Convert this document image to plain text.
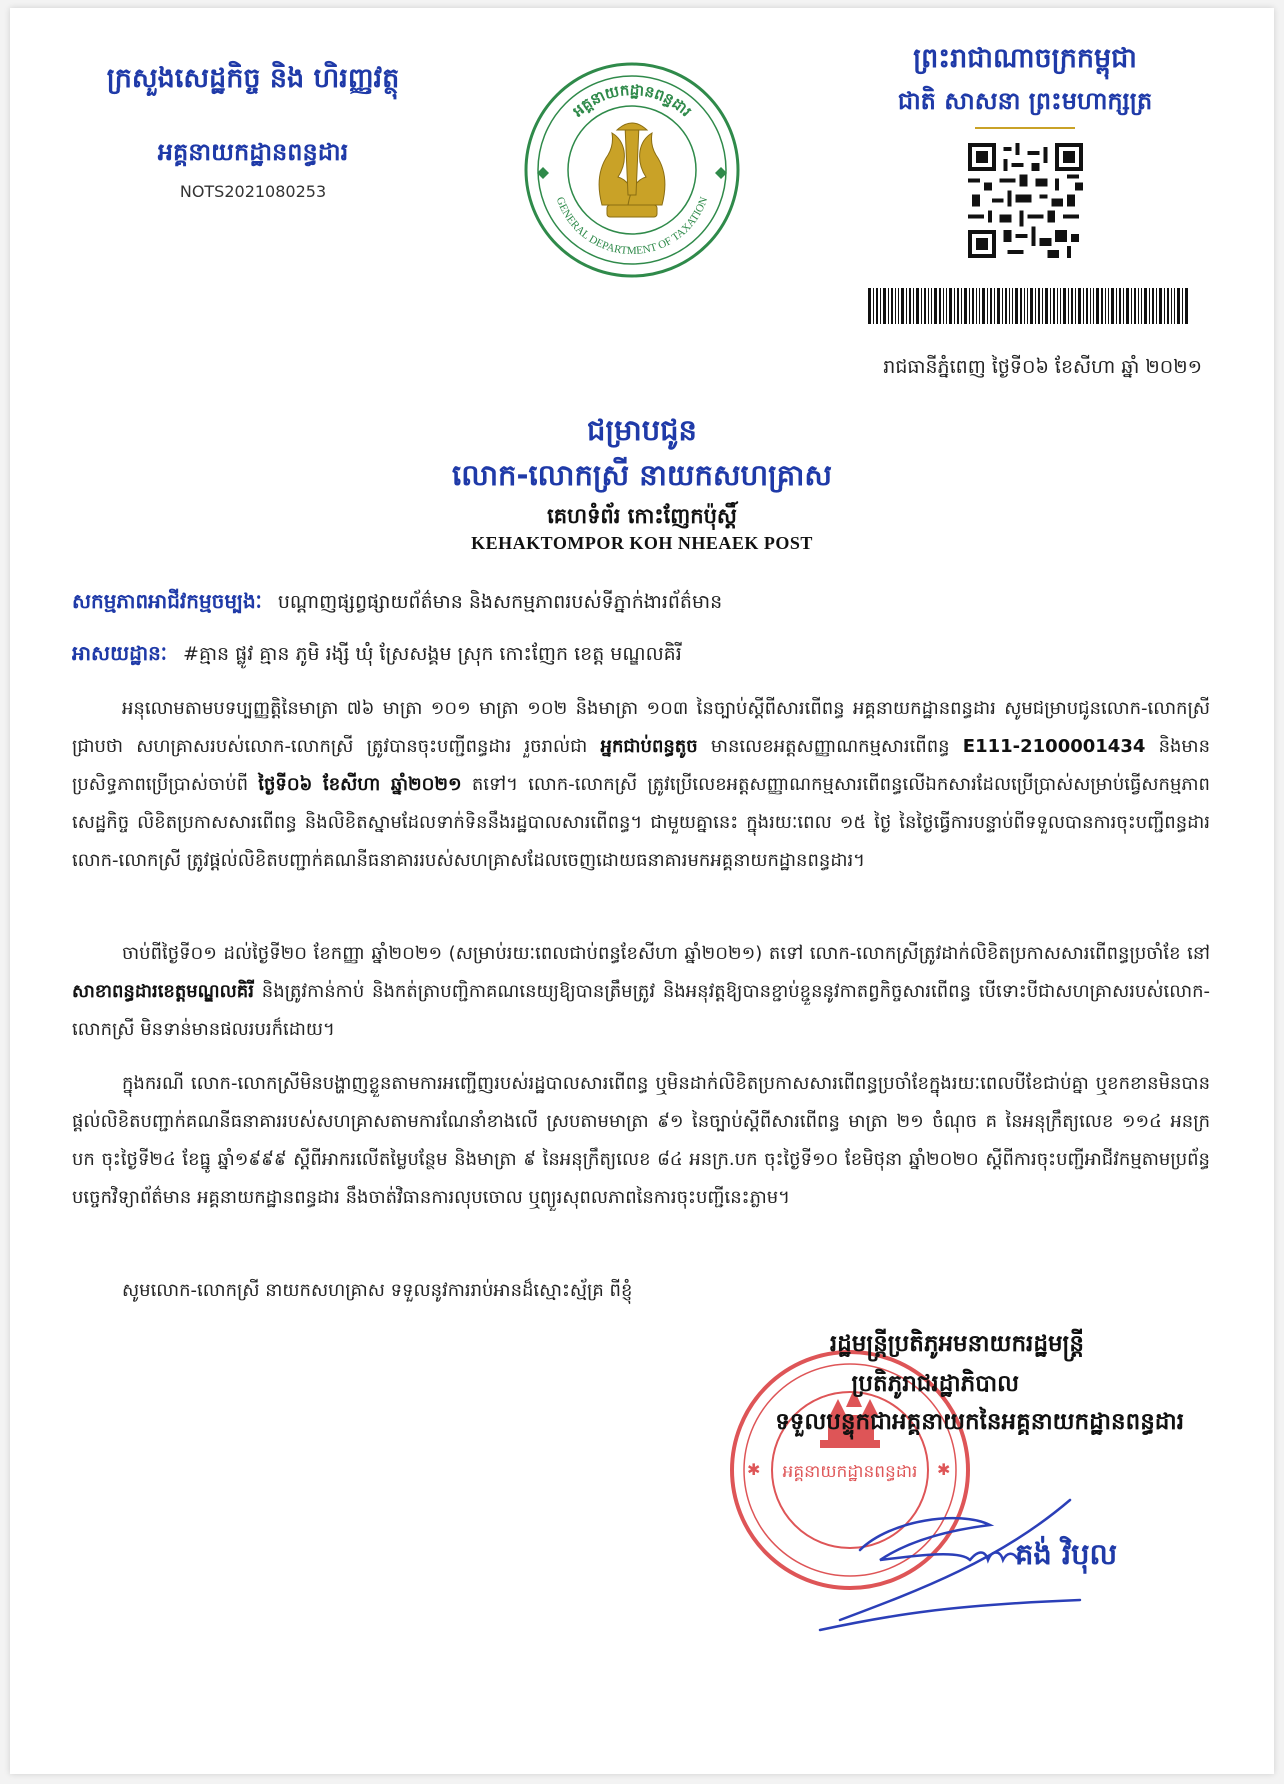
ក្រសួងសេដ្ឋកិច្ច និង ហិរញ្ញវត្ថុ
អគ្គនាយកដ្ឋានពន្ធដារ
NOTS2021080253
អគ្គនាយកដ្ឋានពន្ធដារ
GENERAL DEPARTMENT OF TAXATION
ព្រះរាជាណាចក្រកម្ពុជា
ជាតិ សាសនា ព្រះមហាក្សត្រ
រាជធានីភ្នំពេញ ថ្ងៃទី០៦ ខែសីហា ឆ្នាំ ២០២១
ជម្រាបជូន
លោក-លោកស្រី នាយកសហគ្រាស
គេហទំព័រ កោះញែកប៉ុស្តិ៍
KEHAKTOMPOR KOH NHEAEK POST
សកម្មភាពអាជីវកម្មចម្បងៈ បណ្ដាញផ្សព្វផ្សាយព័ត៌មាន និងសកម្មភាពរបស់ទីភ្នាក់ងារព័ត៌មាន
អាសយដ្ឋានៈ #គ្មាន ផ្លូវ គ្មាន ភូមិ រង្សី ឃុំ ស្រែសង្គម ស្រុក កោះញែក ខេត្ត មណ្ឌលគិរី
អនុលោមតាមបទប្បញ្ញត្តិនៃមាត្រា ៧៦ មាត្រា ១០១ មាត្រា ១០២ និងមាត្រា ១០៣ នៃច្បាប់ស្តីពីសារពើពន្ធ អគ្គនាយកដ្ឋានពន្ធដារ សូមជម្រាបជូនលោក-លោកស្រីជ្រាបថា សហគ្រាសរបស់លោក-លោកស្រី ត្រូវបានចុះបញ្ជីពន្ធដារ រួចរាល់ជា អ្នកជាប់ពន្ធតូច មានលេខអត្តសញ្ញាណកម្មសារពើពន្ធ E111-2100001434 និងមានប្រសិទ្ធភាពប្រើប្រាស់ចាប់ពី ថ្ងៃទី០៦ ខែសីហា ឆ្នាំ២០២១ តទៅ។ លោក-លោកស្រី ត្រូវប្រើលេខអត្តសញ្ញាណកម្មសារពើពន្ធលើឯកសារដែលប្រើប្រាស់សម្រាប់ធ្វើសកម្មភាពសេដ្ឋកិច្ច លិខិតប្រកាសសារពើពន្ធ និងលិខិតស្នាមដែលទាក់ទិននឹងរដ្ឋបាលសារពើពន្ធ។ ជាមួយគ្នានេះ ក្នុងរយៈពេល ១៥ ថ្ងៃ នៃថ្ងៃធ្វើការបន្ទាប់ពីទទួលបានការចុះបញ្ជីពន្ធដារ លោក-លោកស្រី ត្រូវផ្តល់លិខិតបញ្ជាក់គណនីធនាគាររបស់សហគ្រាសដែលចេញដោយធនាគារមកអគ្គនាយកដ្ឋានពន្ធដារ។
ចាប់ពីថ្ងៃទី០១ ដល់ថ្ងៃទី២០ ខែកញ្ញា ឆ្នាំ២០២១ (សម្រាប់រយៈពេលជាប់ពន្ធខែសីហា ឆ្នាំ២០២១) តទៅ លោក-លោកស្រីត្រូវដាក់លិខិតប្រកាសសារពើពន្ធប្រចាំខែ នៅ សាខាពន្ធដារខេត្តមណ្ឌលគិរី និងត្រូវកាន់កាប់ និងកត់ត្រាបញ្ជិកាគណនេយ្យឱ្យបានត្រឹមត្រូវ និងអនុវត្តឱ្យបានខ្ជាប់ខ្ជួននូវកាតព្វកិច្ចសារពើពន្ធ បើទោះបីជាសហគ្រាសរបស់លោក-លោកស្រី មិនទាន់មានផលរបរក៏ដោយ។
ក្នុងករណី លោក-លោកស្រីមិនបង្ហាញខ្លួនតាមការអញ្ជើញរបស់រដ្ឋបាលសារពើពន្ធ ឬមិនដាក់លិខិតប្រកាសសារពើពន្ធប្រចាំខែក្នុងរយៈពេលបីខែជាប់គ្នា ឬខកខានមិនបានផ្តល់លិខិតបញ្ជាក់គណនីធនាគាររបស់សហគ្រាសតាមការណែនាំខាងលើ ស្របតាមមាត្រា ៩១ នៃច្បាប់ស្តីពីសារពើពន្ធ មាត្រា ២១ ចំណុច គ នៃអនុក្រឹត្យលេខ ១១៤ អនក្រ បក ចុះថ្ងៃទី២៤ ខែធ្នូ ឆ្នាំ១៩៩៩ ស្តីពីអាករលើតម្លៃបន្ថែម និងមាត្រា ៩ នៃអនុក្រឹត្យលេខ ៨៤ អនក្រ.បក ចុះថ្ងៃទី១០ ខែមិថុនា ឆ្នាំ២០២០ ស្តីពីការចុះបញ្ជីអាជីវកម្មតាមប្រព័ន្ធបច្ចេកវិទ្យាព័ត៌មាន អគ្គនាយកដ្ឋានពន្ធដារ នឹងចាត់វិធានការលុបចោល ឬព្យួរសុពលភាពនៃការចុះបញ្ជីនេះភ្លាម។
សូមលោក-លោកស្រី នាយកសហគ្រាស ទទួលនូវការរាប់អានដ៏ស្មោះស្ម័គ្រ ពីខ្ញុំ
អគ្គនាយកដ្ឋានពន្ធដារ
✱	✱
រដ្ឋមន្ត្រីប្រតិភូអមនាយករដ្ឋមន្ត្រី
ប្រតិភូរាជរដ្ឋាភិបាល
ទទួលបន្ទុកជាអគ្គនាយកនៃអគ្គនាយកដ្ឋានពន្ធដារ
គង់ វិបុល
